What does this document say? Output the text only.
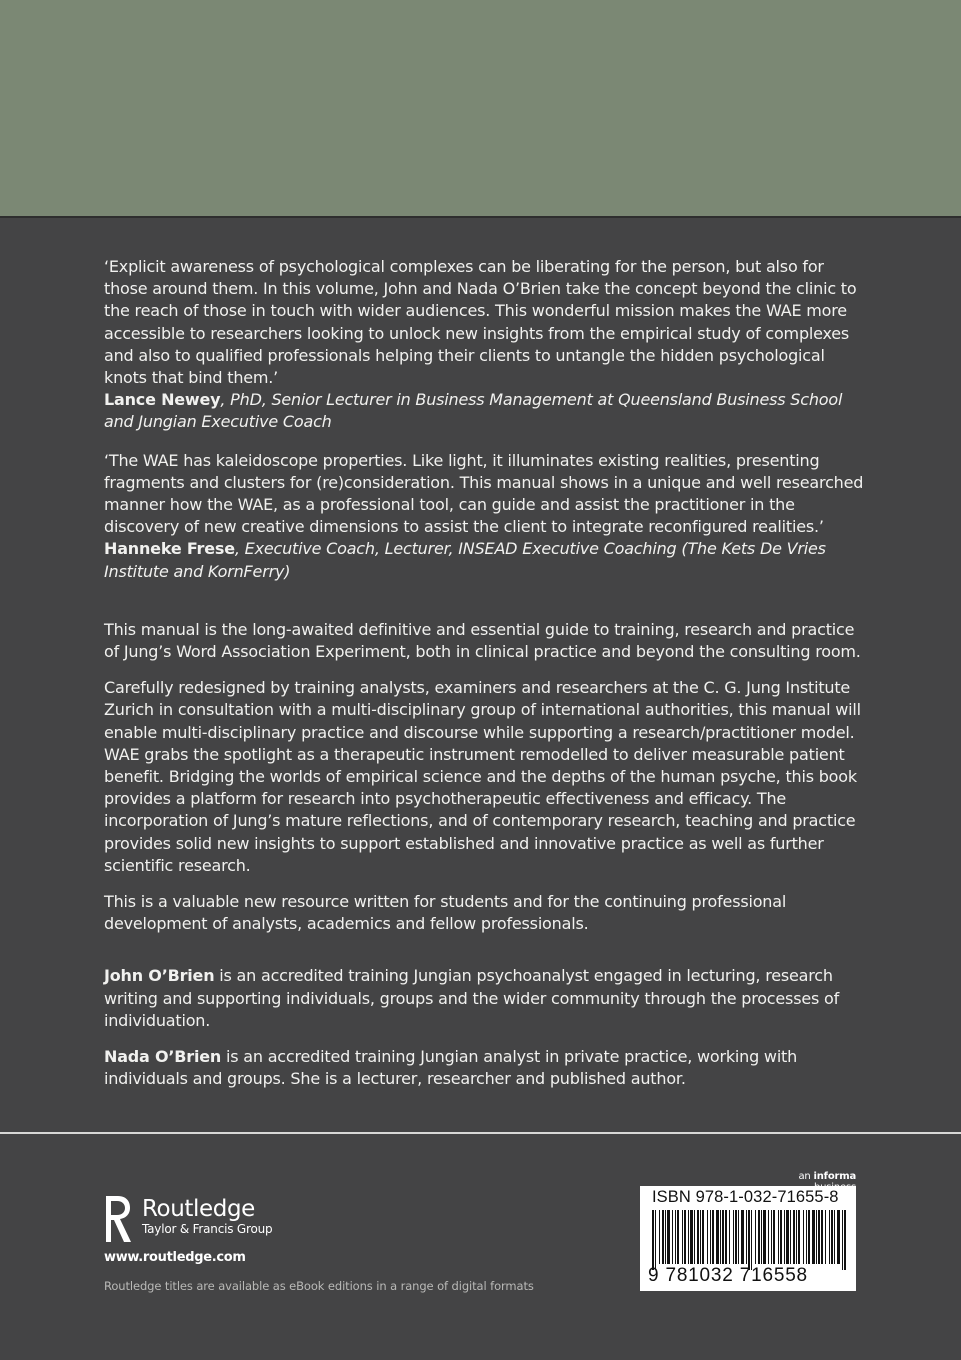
‘Explicit awareness of psychological complexes can be liberating for the person, but also for those around them. In this volume, John and Nada O’Brien take the concept beyond the clinic to the reach of those in touch with wider audiences. This wonderful mission makes the WAE more accessible to researchers looking to unlock new insights from the empirical study of complexes and also to qualified professionals helping their clients to untangle the hidden psychological knots that bind them.’
Lance Newey, PhD, Senior Lecturer in Business Management at Queensland Business School and Jungian Executive Coach

‘The WAE has kaleidoscope properties. Like light, it illuminates existing realities, presenting fragments and clusters for (re)consideration. This manual shows in a unique and well researched manner how the WAE, as a professional tool, can guide and assist the practitioner in the discovery of new creative dimensions to assist the client to integrate reconfigured realities.’
Hanneke Frese, Executive Coach, Lecturer, INSEAD Executive Coaching (The Kets De Vries Institute and KornFerry)

This manual is the long-awaited definitive and essential guide to training, research and practice of Jung’s Word Association Experiment, both in clinical practice and beyond the consulting room.

Carefully redesigned by training analysts, examiners and researchers at the C. G. Jung Institute Zurich in consultation with a multi-disciplinary group of international authorities, this manual will enable multi-disciplinary practice and discourse while supporting a research/practitioner model. WAE grabs the spotlight as a therapeutic instrument remodelled to deliver measurable patient benefit. Bridging the worlds of empirical science and the depths of the human psyche, this book provides a platform for research into psychotherapeutic effectiveness and efficacy. The incorporation of Jung’s mature reflections, and of contemporary research, teaching and practice provides solid new insights to support established and innovative practice as well as further scientific research.

This is a valuable new resource written for students and for the continuing professional development of analysts, academics and fellow professionals.

John O’Brien is an accredited training Jungian psychoanalyst engaged in lecturing, research writing and supporting individuals, groups and the wider community through the processes of individuation.

Nada O’Brien is an accredited training Jungian analyst in private practice, working with individuals and groups. She is a lecturer, researcher and published author.

Routledge
Taylor & Francis Group
www.routledge.com
Routledge titles are available as eBook editions in a range of digital formats
an informa
ISBN 978-1-032-71655-8
9 781032 716558
